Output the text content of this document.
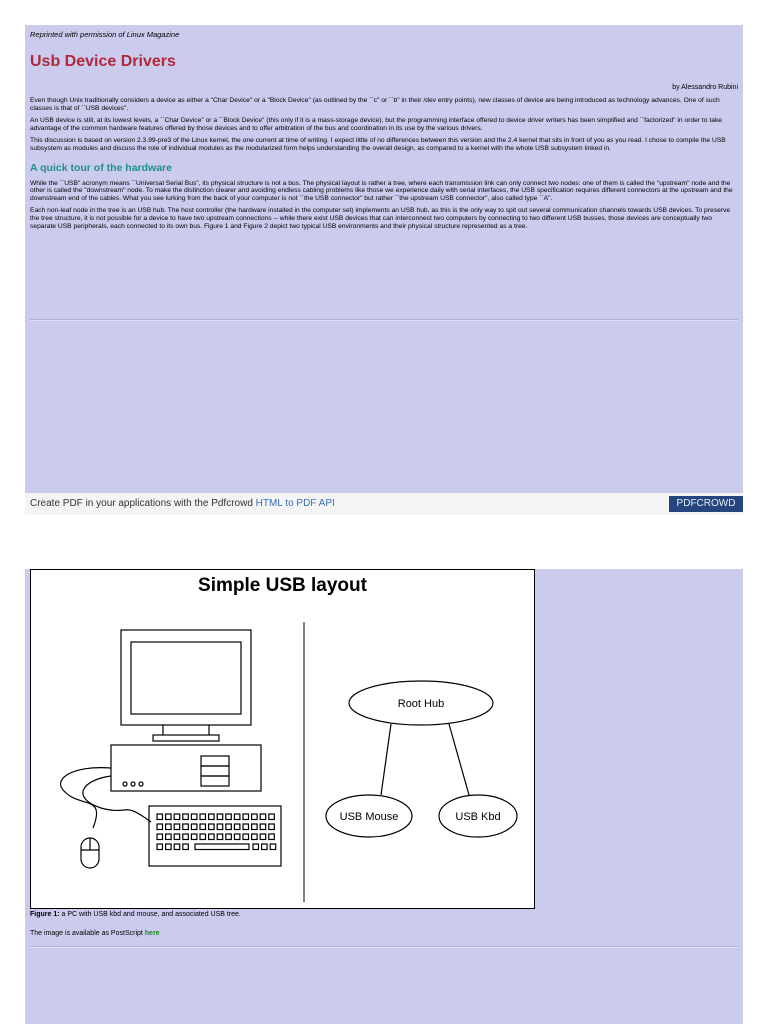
Reprinted with permission of Linux Magazine
Usb Device Drivers
by Alessandro Rubini

Even though Unix traditionally considers a device as either a "Char Device" or a "Block Device" (as outlined by the ``c" or ``b" in their /dev entry points), new classes of device are being introduced as technology advances. One of such classes is that of ``USB devices".

An USB device is still, at its lowest levels, a ``Char Device" or a ``Block Device" (this only if it is a mass-storage device), but the programming interface offered to device driver writers has been simplified and ``factorized" in order to take advantage of the common hardware features offered by those devices and to offer arbitration of the bus and coordination in its use by the various drivers.

This discussion is based on version 2.3.99-pre3 of the Linux kernel, the one current at time of writing. I expect little of no differences between this version and the 2.4 kernel that sits in front of you as you read. I chose to compile the USB subsystem as modules and discuss the role of individual modules as the modularized form helps understanding the overall design, as compared to a kernel with the whole USB subsystem linked in.

A quick tour of the hardware

While the ``USB" acronym means ``Universal Serial Bus", its physical structure is not a bus. The physical layout is rather a tree, where each transmission link can only connect two nodes: one of them is called the "upstream" node and the other is called the "downstream" node. To make the distinction clearer and avoiding endless cabling problems like those we experience daily with serial interfaces, the USB specification requires different connectors at the upstream and the downstream end of the cables. What you see lurking from the back of your computer is not ``the USB connector" but rather ``the upstream USB connector", also called type ``A".

Each non-leaf node in the tree is an USB hub. The host controller (the hardware installed in the computer set) implements an USB hub, as this is the only way to spit out several communication channels towards USB devices. To preserve the tree structure, it is not possible for a device to have two upstream connections -- while there exist USB devices that can interconnect two computers by connecting to two different USB busses, those devices are conceptually two separate USB peripherals, each connected to its own bus. Figure 1 and Figure 2 depict two typical USB environments and their physical structure represented as a tree.

Create PDF in your applications with the Pdfcrowd HTML to PDF API	PDFCROWD
Root Hub
USB Mouse	USB Kbd
Simple USB layout
Figure 1: a PC with USB kbd and mouse, and associated USB tree.
The image is available as PostScript here
